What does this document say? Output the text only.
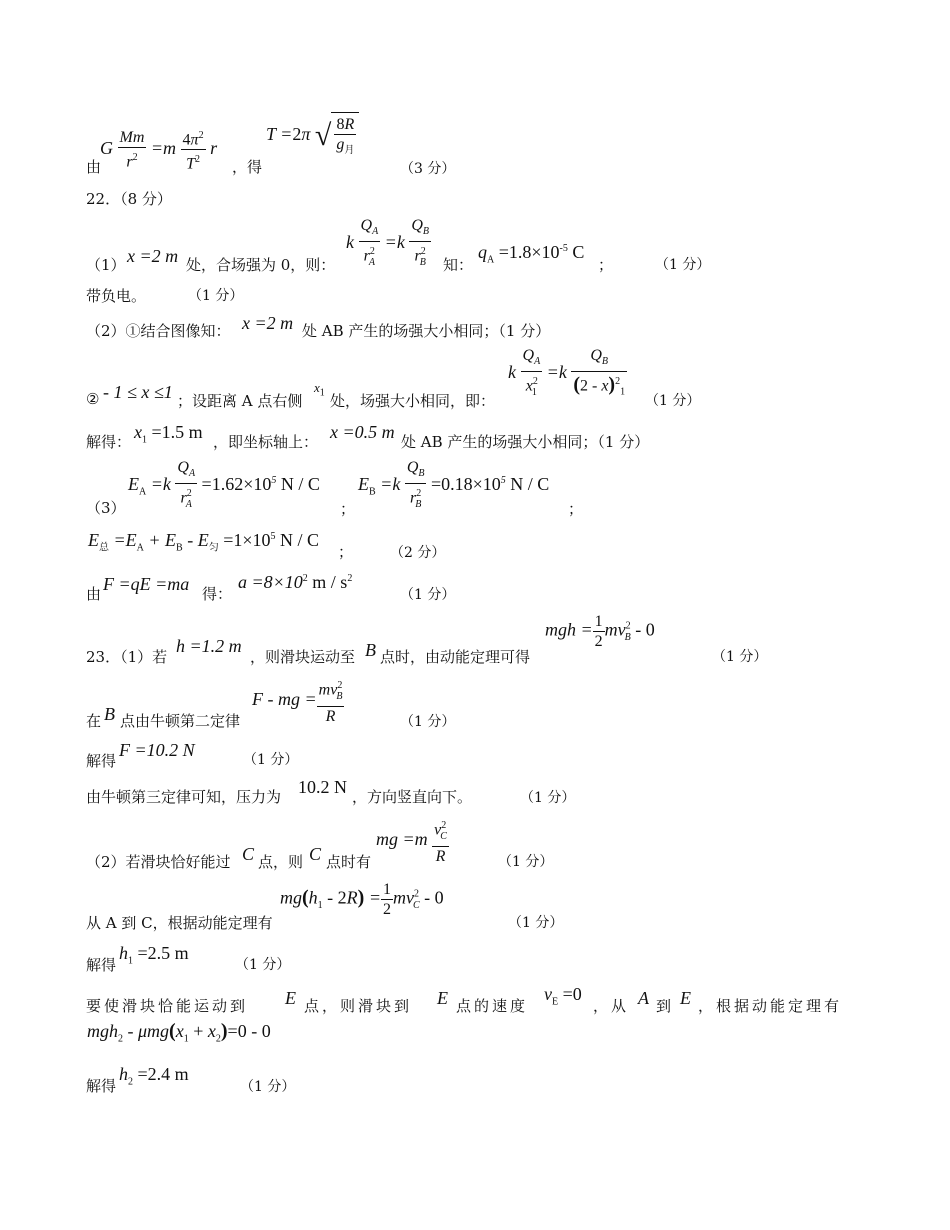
由
G $\frac{Mm}{r^2} =m \frac{4\pi^2}{T^2}$ r
，得
T =2π √ $\frac{8R}{g_月}$
（3 分）
22．（8 分）
（1） x =2 m 处，合场强为 0，则：
k $\frac{Q_A}{r^2_A} =k \frac{Q_B}{r^2_B}$ 知：
$q_A =1.8\times 10^{-5}$ C
；	（1 分）
带负电。	（1 分）
（2）①结合图像知： x =2 m 处 AB 产生的场强大小相同；（1 分）
② - 1 ≤ x ≤1 ；设距离 A 点右侧
$x_1$ 处，场强大小相同，即：
k $\frac{Q_A}{x^2_1} =k \frac{Q_B}{(2 - x)^2_1} (1$ 分）
解得： $x_1 =1.5$ m ，即坐标轴上： x =0.5 m 处 AB 产生的场强大小相同；（1 分）
（3）
$E_A =k \frac{Q_A}{r^2_A} =1.62\times 10^5$ N / C
；
$E_B =k \frac{Q_B}{r^2_B} =0.18\times 10^5$ N / C
；
$E_总 =E_A + E_B - E_匀 =1\times 10^5$ N / C
；	（2 分）
由 F =qE =ma 得：
$a =8\times 10^2$ m / $s^2$
（1 分）
23．（1）若
h =1.2 m
，则滑块运动至 B 点时，由动能定理可得
mgh = $\frac{1}{2} mv^2_B - 0$
（1 分）
在 B 点由牛顿第二定律
F - mg = $\frac{mv^2_B}{R}$	（1 分）
解得
F =10.2 N	（1 分）
由牛顿第三定律可知，压力为 10.2 N ，方向竖直向下。	（1 分）
（2）若滑块恰好能过 C 点，则 C 点时有
mg $=m \frac{v^2_C}{R}$	（1 分）
从 A 到 C，根据动能定理有
$mg(h_1 - 2R) = \frac{1}{2} mv^2_C - 0$
（1 分）
解得
$h_1 =2.5$ m
（1 分）
要使滑块恰能运动到 E 点，则滑块到 E 点的速度
$v_E =0$
，从 A 到 E ，根据动能定理有
$mgh_2 - \mu mg(x_1 + x_2)=0 - 0$
解得
$h_2 =2.4$ m
（1 分）
